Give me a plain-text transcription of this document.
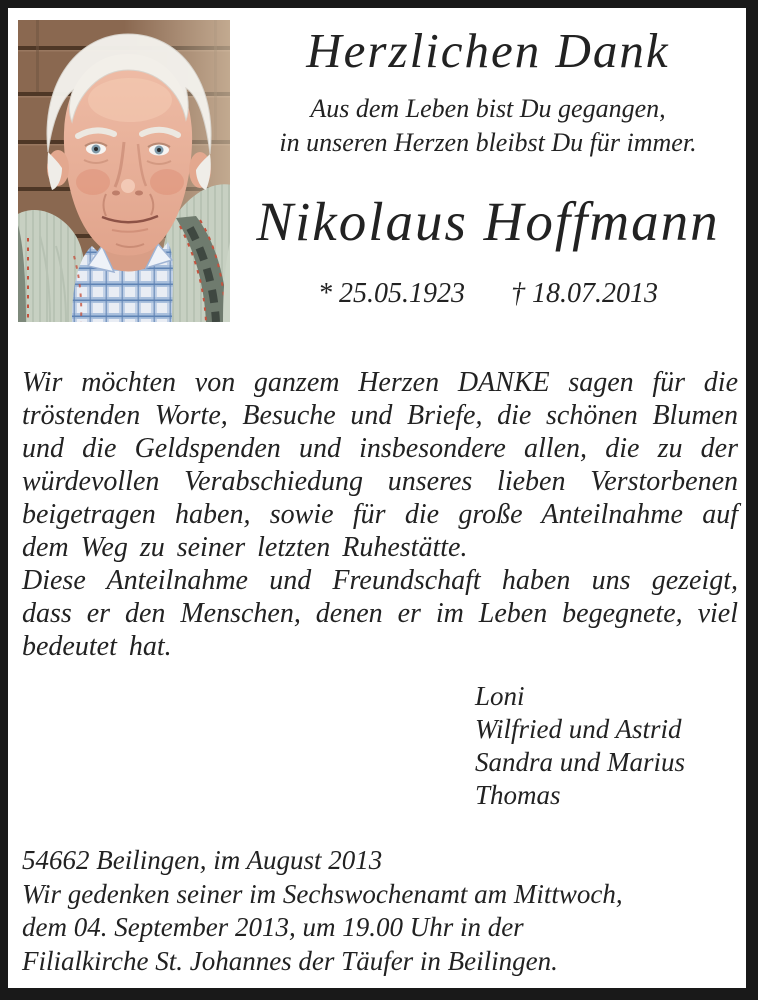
Herzlichen Dank
Aus dem Leben bist Du gegangen,
in unseren Herzen bleibst Du für immer.
Nikolaus Hoffmann
* 25.05.1923 † 18.07.2013

Wir möchten von ganzem Herzen DANKE sagen für die tröstenden Worte, Besuche und Briefe, die schönen Blumen und die Geldspenden und insbesondere allen, die zu der würdevollen Verabschiedung unseres lieben Verstorbenen beigetragen haben, sowie für die große Anteilnahme auf dem Weg zu seiner letzten Ruhestätte.

Diese Anteilnahme und Freundschaft haben uns gezeigt, dass er den Menschen, denen er im Leben begegnete, viel bedeutet hat.

Loni
Wilfried und Astrid
Sandra und Marius
Thomas
54662 Beilingen, im August 2013
Wir gedenken seiner im Sechswochenamt am Mittwoch,
dem 04. September 2013, um 19.00 Uhr in der
Filialkirche St. Johannes der Täufer in Beilingen.
